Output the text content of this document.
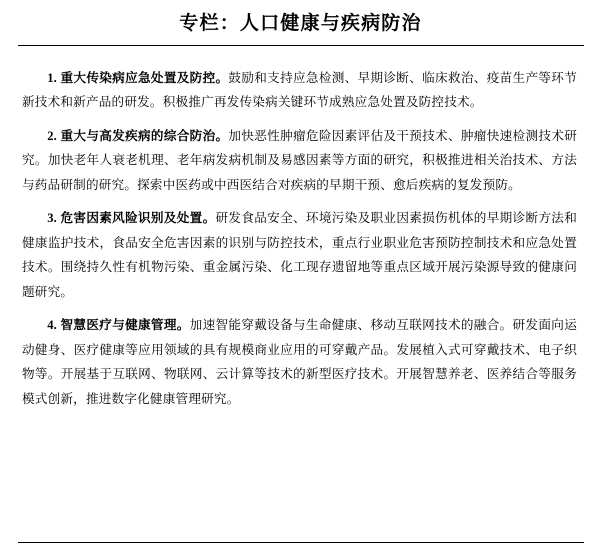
专栏：人口健康与疾病防治

1. 重大传染病应急处置及防控。鼓励和支持应急检测、早期诊断、临床救治、疫苗生产等环节新技术和新产品的研发。积极推广再发传染病关键环节成熟应急处置及防控技术。

2. 重大与高发疾病的综合防治。加快恶性肿瘤危险因素评估及干预技术、肿瘤快速检测技术研究。加快老年人衰老机理、老年病发病机制及易感因素等方面的研究，积极推进相关治技术、方法与药品研制的研究。探索中医药或中西医结合对疾病的早期干预、愈后疾病的复发预防。

3. 危害因素风险识别及处置。研发食品安全、环境污染及职业因素损伤机体的早期诊断方法和健康监护技术，食品安全危害因素的识别与防控技术，重点行业职业危害预防控制技术和应急处置技术。围绕持久性有机物污染、重金属污染、化工现存遗留地等重点区域开展污染源导致的健康问题研究。

4. 智慧医疗与健康管理。加速智能穿戴设备与生命健康、移动互联网技术的融合。研发面向运动健身、医疗健康等应用领域的具有规模商业应用的可穿戴产品。发展植入式可穿戴技术、电子织物等。开展基于互联网、物联网、云计算等技术的新型医疗技术。开展智慧养老、医养结合等服务模式创新，推进数字化健康管理研究。
